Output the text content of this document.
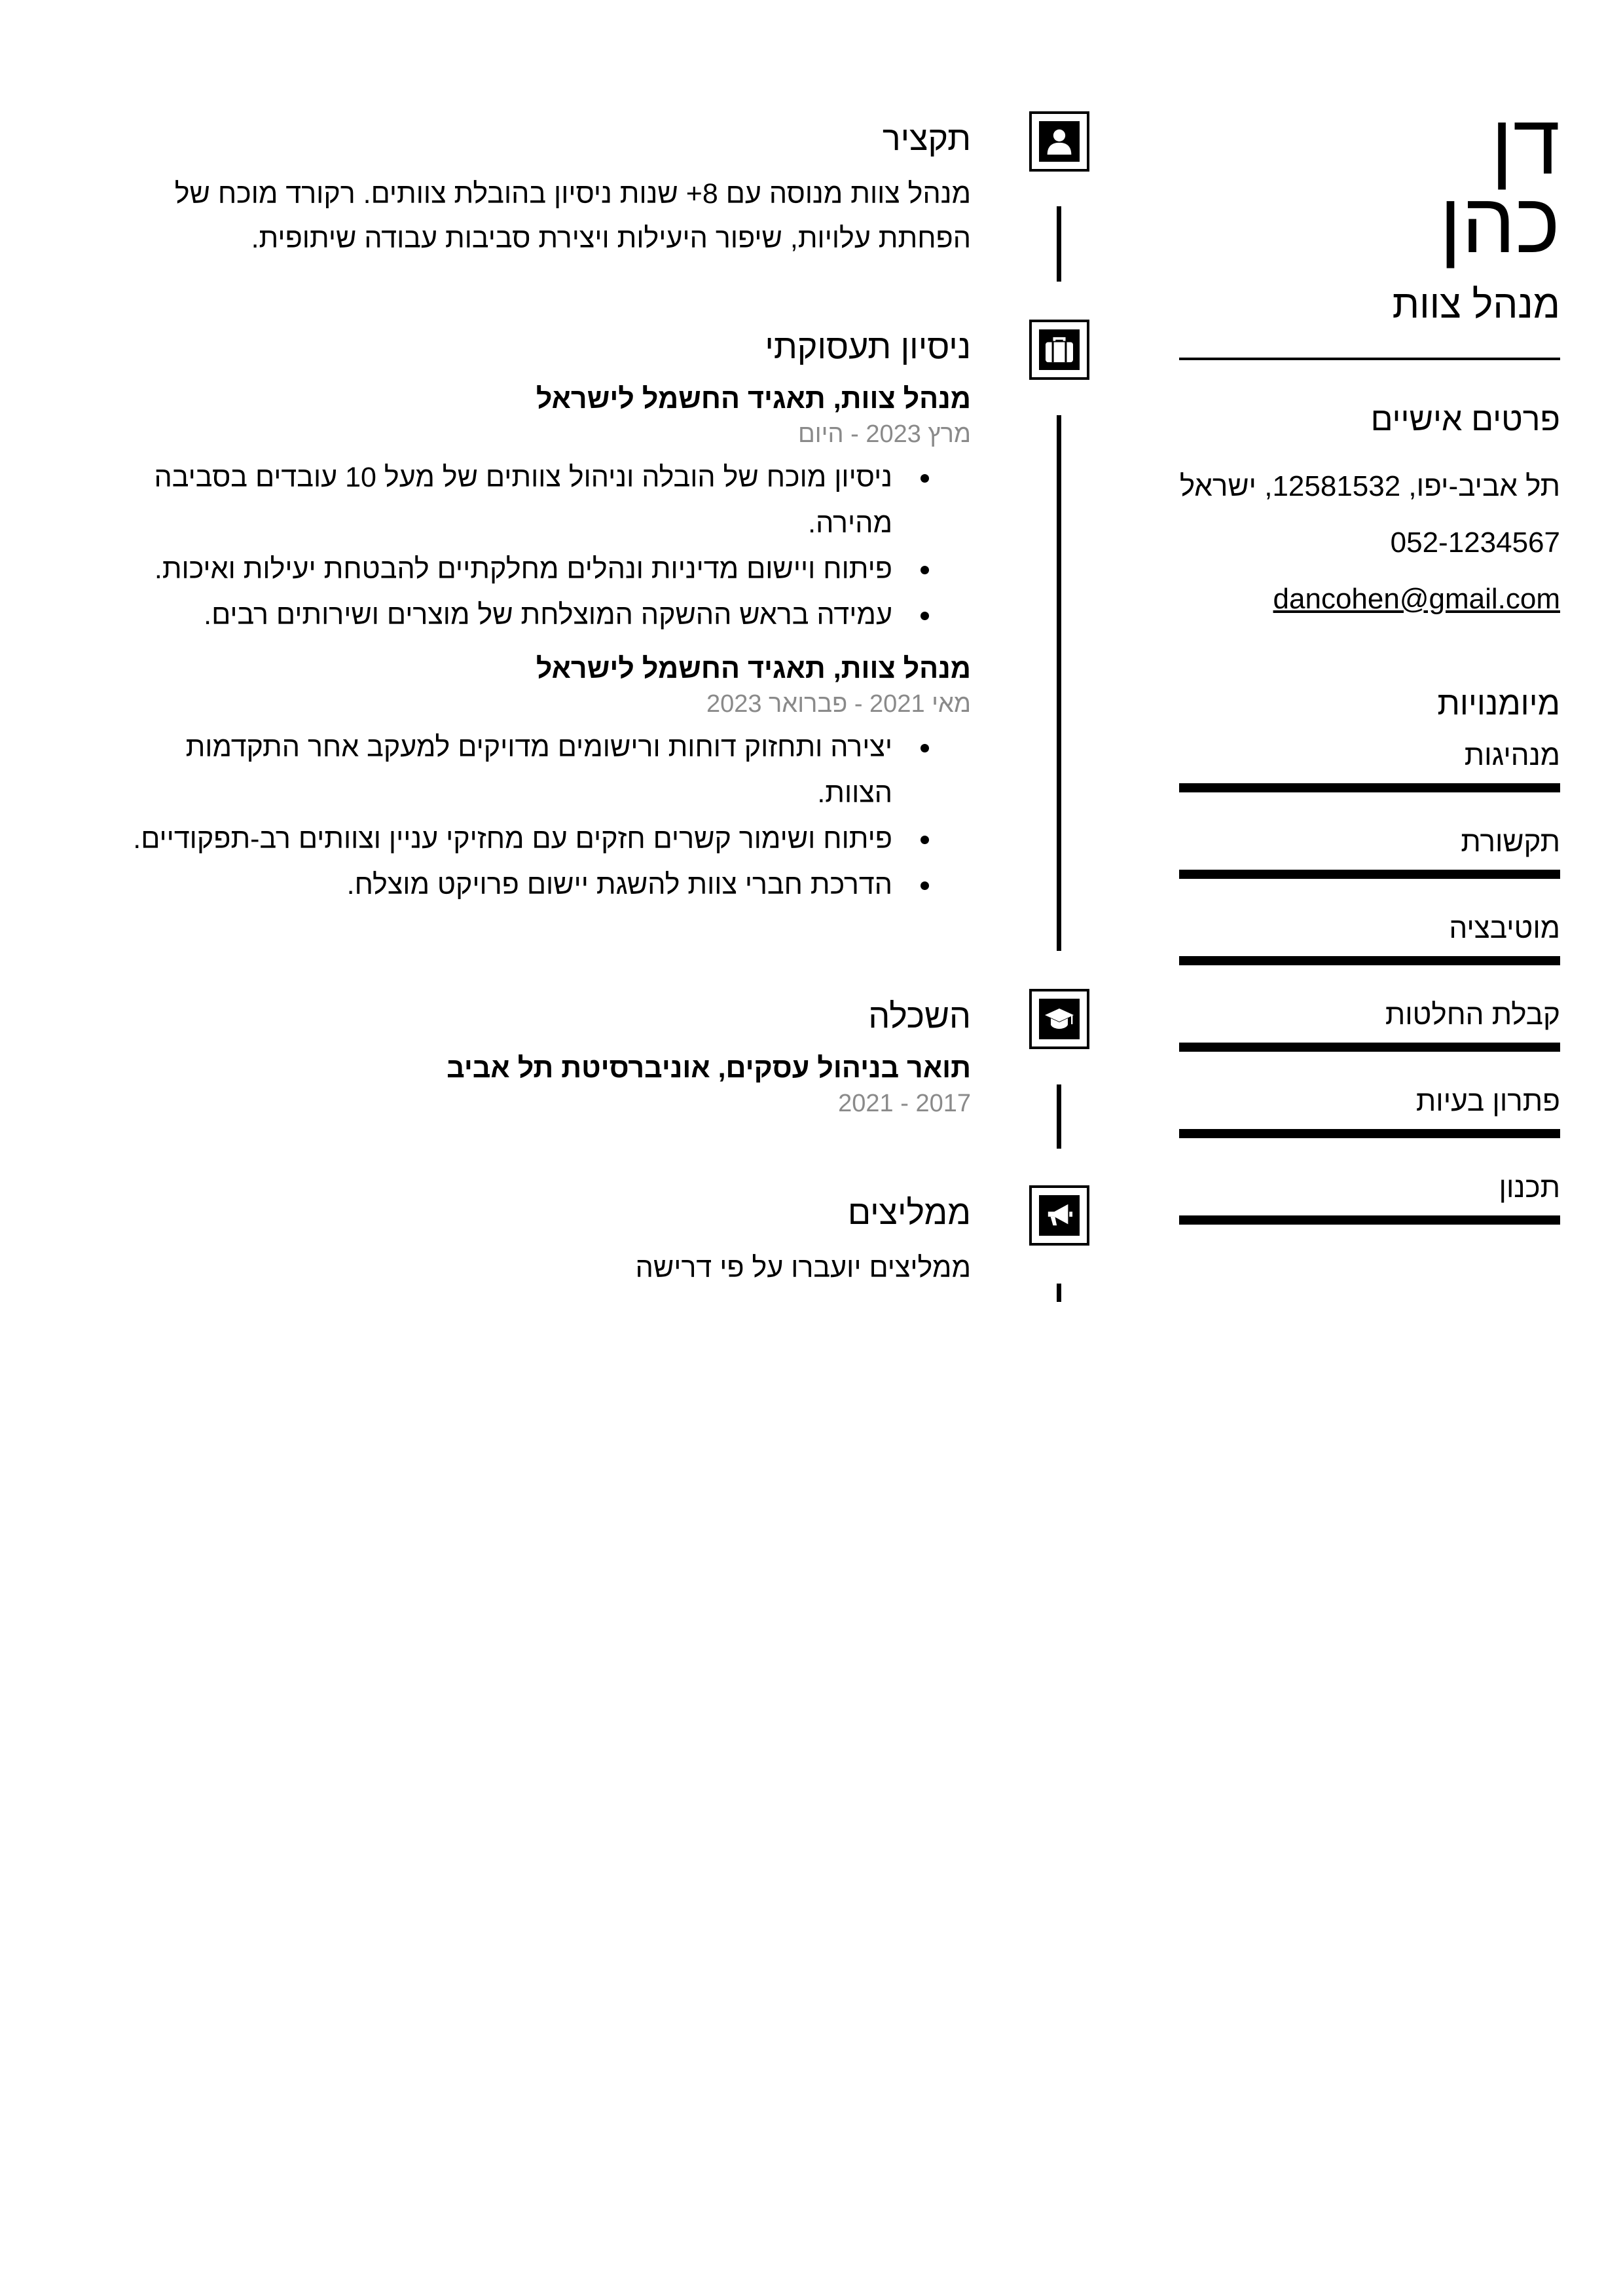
דן
כהן
מנהל צוות
פרטים אישיים
תל אביב-יפו, 12581532, ישראל
052-1234567
dancohen@gmail.com
מיומנויות
מנהיגות
תקשורת
מוטיבציה
קבלת החלטות
פתרון בעיות
תכנון
תקציר
מנהל צוות מנוסה עם 8+ שנות ניסיון בהובלת צוותים. רקורד מוכח של הפחתת עלויות, שיפור היעילות ויצירת סביבות עבודה שיתופית.
ניסיון תעסוקתי
מנהל צוות, תאגיד החשמל לישראל
מרץ 2023 - היום
ניסיון מוכח של הובלה וניהול צוותים של מעל 10 עובדים בסביבה מהירה.
פיתוח ויישום מדיניות ונהלים מחלקתיים להבטחת יעילות ואיכות.
עמידה בראש ההשקה המוצלחת של מוצרים ושירותים רבים.
מנהל צוות, תאגיד החשמל לישראל
מאי 2021 - פברואר 2023
יצירה ותחזוק דוחות ורישומים מדויקים למעקב אחר התקדמות הצוות.
פיתוח ושימור קשרים חזקים עם מחזיקי עניין וצוותים רב-תפקודיים.
הדרכת חברי צוות להשגת יישום פרויקט מוצלח.
השכלה
תואר בניהול עסקים, אוניברסיטת תל אביב
2017 - 2021
ממליצים
ממליצים יועברו על פי דרישה
